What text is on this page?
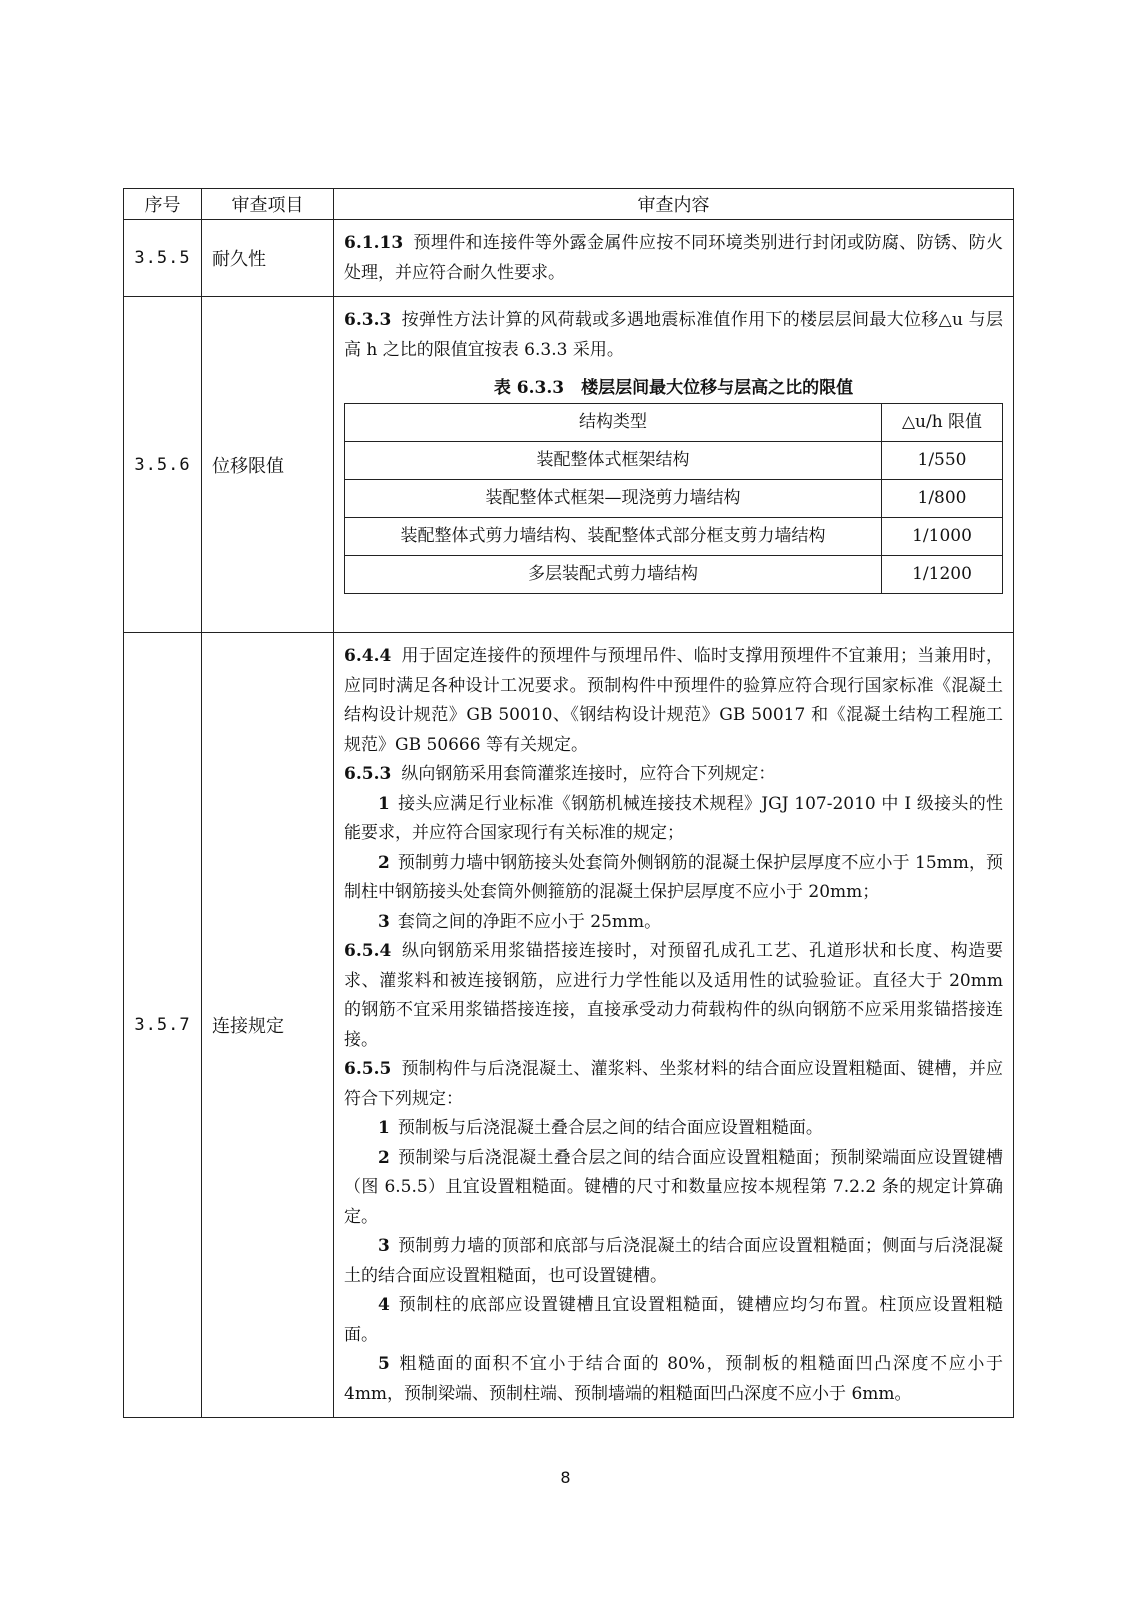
序号	审查项目	审查内容
3.5.5	耐久性	

6.1.13 预埋件和连接件等外露金属件应按不同环境类别进行封闭或防腐、防锈、防火处理，并应符合耐久性要求。

3.5.6	位移限值	

6.3.3 按弹性方法计算的风荷载或多遇地震标准值作用下的楼层层间最大位移△u 与层高 h 之比的限值宜按表 6.3.3 采用。

表 6.3.3　楼层层间最大位移与层高之比的限值
结构类型	△u/h 限值
装配整体式框架结构	1/550
装配整体式框架—现浇剪力墙结构	1/800
装配整体式剪力墙结构、装配整体式部分框支剪力墙结构	1/1000
多层装配式剪力墙结构	1/1200

3.5.7	连接规定	

6.4.4 用于固定连接件的预埋件与预埋吊件、临时支撑用预埋件不宜兼用；当兼用时，应同时满足各种设计工况要求。预制构件中预埋件的验算应符合现行国家标准《混凝土结构设计规范》GB 50010、《钢结构设计规范》GB 50017 和《混凝土结构工程施工规范》GB 50666 等有关规定。

6.5.3 纵向钢筋采用套筒灌浆连接时，应符合下列规定：

1 接头应满足行业标准《钢筋机械连接技术规程》JGJ 107-2010 中 I 级接头的性能要求，并应符合国家现行有关标准的规定；

2 预制剪力墙中钢筋接头处套筒外侧钢筋的混凝土保护层厚度不应小于 15mm，预制柱中钢筋接头处套筒外侧箍筋的混凝土保护层厚度不应小于 20mm；

3 套筒之间的净距不应小于 25mm。

6.5.4 纵向钢筋采用浆锚搭接连接时，对预留孔成孔工艺、孔道形状和长度、构造要求、灌浆料和被连接钢筋，应进行力学性能以及适用性的试验验证。直径大于 20mm 的钢筋不宜采用浆锚搭接连接，直接承受动力荷载构件的纵向钢筋不应采用浆锚搭接连接。

6.5.5 预制构件与后浇混凝土、灌浆料、坐浆材料的结合面应设置粗糙面、键槽，并应符合下列规定：

1 预制板与后浇混凝土叠合层之间的结合面应设置粗糙面。

2 预制梁与后浇混凝土叠合层之间的结合面应设置粗糙面；预制梁端面应设置键槽（图 6.5.5）且宜设置粗糙面。键槽的尺寸和数量应按本规程第 7.2.2 条的规定计算确定。

3 预制剪力墙的顶部和底部与后浇混凝土的结合面应设置粗糙面；侧面与后浇混凝土的结合面应设置粗糙面，也可设置键槽。

4 预制柱的底部应设置键槽且宜设置粗糙面，键槽应均匀布置。柱顶应设置粗糙面。

5 粗糙面的面积不宜小于结合面的 80%，预制板的粗糙面凹凸深度不应小于 4mm，预制梁端、预制柱端、预制墙端的粗糙面凹凸深度不应小于 6mm。

8
